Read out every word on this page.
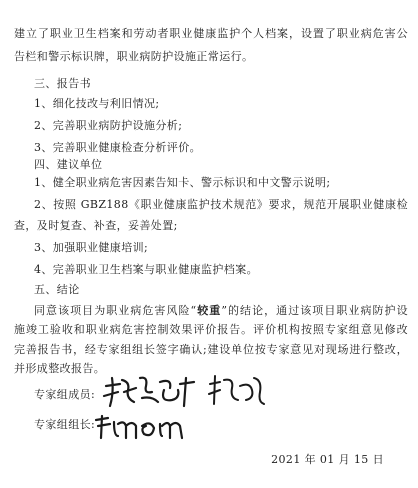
建立了职业卫生档案和劳动者职业健康监护个人档案，设置了职业病危害公
告栏和警示标识牌，职业病防护设施正常运行。
三、报告书
1、细化技改与利旧情况;
2、完善职业病防护设施分析;
3、完善职业健康检查分析评价。
四、建议单位
1、健全职业病危害因素告知卡、警示标识和中文警示说明;
2、按照 GBZ188《职业健康监护技术规范》要求，规范开展职业健康检
查，及时复查、补查，妥善处置;
3、加强职业健康培训;
4、完善职业卫生档案与职业健康监护档案。
五、结论
同意该项目为职业病危害风险“较重”的结论，通过该项目职业病防护设
施竣工验收和职业病危害控制效果评价报告。评价机构按照专家组意见修改
完善报告书，经专家组组长签字确认;建设单位按专家意见对现场进行整改，
并形成整改报告。
专家组成员:
专家组组长:
2021 年 01 月 15 日
